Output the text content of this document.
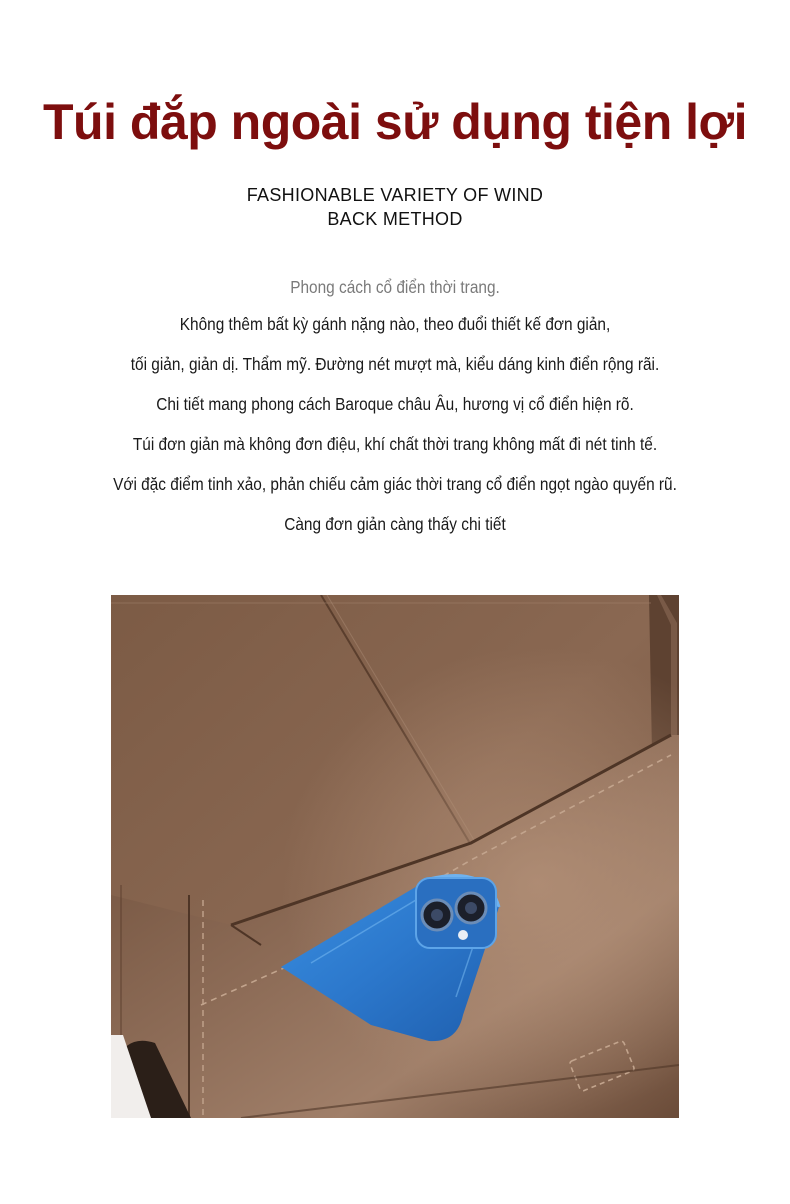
Túi đắp ngoài sử dụng tiện lợi
FASHIONABLE VARIETY OF WIND
BACK METHOD
Phong cách cổ điển thời trang.
Không thêm bất kỳ gánh nặng nào, theo đuổi thiết kế đơn giản,
tối giản, giản dị. Thẩm mỹ. Đường nét mượt mà, kiểu dáng kinh điển rộng rãi.
Chi tiết mang phong cách Baroque châu Âu, hương vị cổ điển hiện rõ.
Túi đơn giản mà không đơn điệu, khí chất thời trang không mất đi nét tinh tế.
Với đặc điểm tinh xảo, phản chiếu cảm giác thời trang cổ điển ngọt ngào quyến rũ.
Càng đơn giản càng thấy chi tiết
